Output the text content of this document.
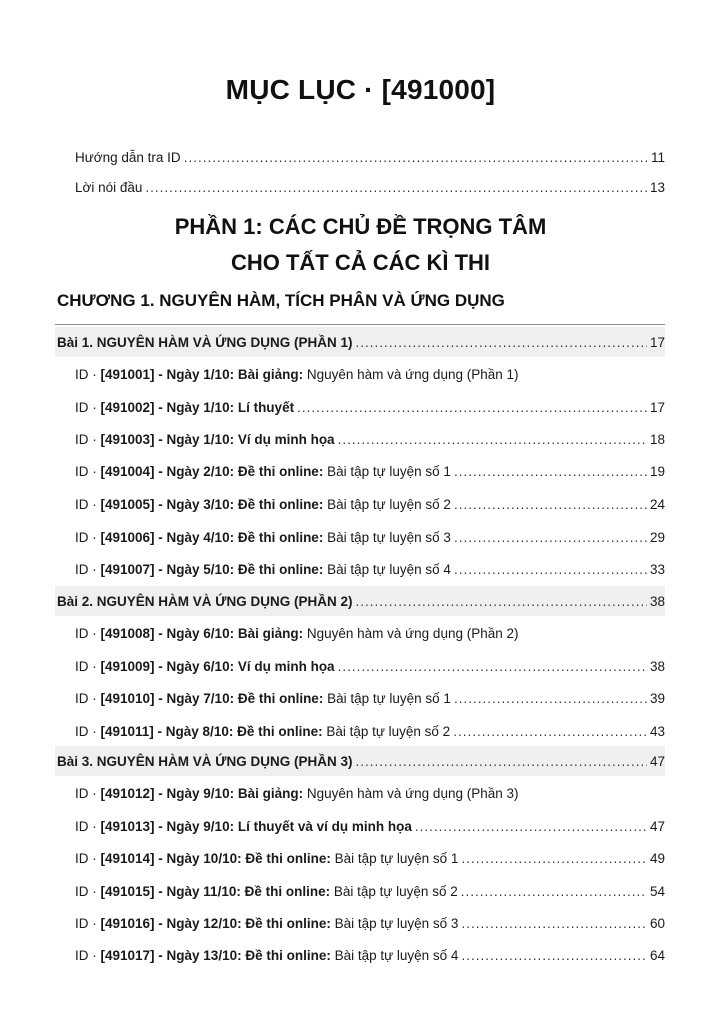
MỤC LỤC · [491000]
Hướng dẫn tra ID .....	11
Lời nói đầu .....	13
PHẦN 1: CÁC CHỦ ĐỀ TRỌNG TÂM
CHO TẤT CẢ CÁC KÌ THI
CHƯƠNG 1. NGUYÊN HÀM, TÍCH PHÂN VÀ ỨNG DỤNG
Bài 1. NGUYÊN HÀM VÀ ỨNG DỤNG (PHẦN 1) .....	17
ID · [491001] - Ngày 1/10: Bài giảng: Nguyên hàm và ứng dụng (Phần 1)
ID · [491002] - Ngày 1/10: Lí thuyết .....	17
ID · [491003] - Ngày 1/10: Ví dụ minh họa .....	18
ID · [491004] - Ngày 2/10: Đề thi online: Bài tập tự luyện số 1 .....	19
ID · [491005] - Ngày 3/10: Đề thi online: Bài tập tự luyện số 2 .....	24
ID · [491006] - Ngày 4/10: Đề thi online: Bài tập tự luyện số 3 .....	29
ID · [491007] - Ngày 5/10: Đề thi online: Bài tập tự luyện số 4 .....	33
Bài 2. NGUYÊN HÀM VÀ ỨNG DỤNG (PHẦN 2) .....	38
ID · [491008] - Ngày 6/10: Bài giảng: Nguyên hàm và ứng dụng (Phần 2)
ID · [491009] - Ngày 6/10: Ví dụ minh họa .....	38
ID · [491010] - Ngày 7/10: Đề thi online: Bài tập tự luyện số 1 .....	39
ID · [491011] - Ngày 8/10: Đề thi online: Bài tập tự luyện số 2 .....	43
Bài 3. NGUYÊN HÀM VÀ ỨNG DỤNG (PHẦN 3) .....	47
ID · [491012] - Ngày 9/10: Bài giảng: Nguyên hàm và ứng dụng (Phần 3)
ID · [491013] - Ngày 9/10: Lí thuyết và ví dụ minh họa .....	47
ID · [491014] - Ngày 10/10: Đề thi online: Bài tập tự luyện số 1 .....	49
ID · [491015] - Ngày 11/10: Đề thi online: Bài tập tự luyện số 2 .....	54
ID · [491016] - Ngày 12/10: Đề thi online: Bài tập tự luyện số 3 .....	60
ID · [491017] - Ngày 13/10: Đề thi online: Bài tập tự luyện số 4 .....	64
